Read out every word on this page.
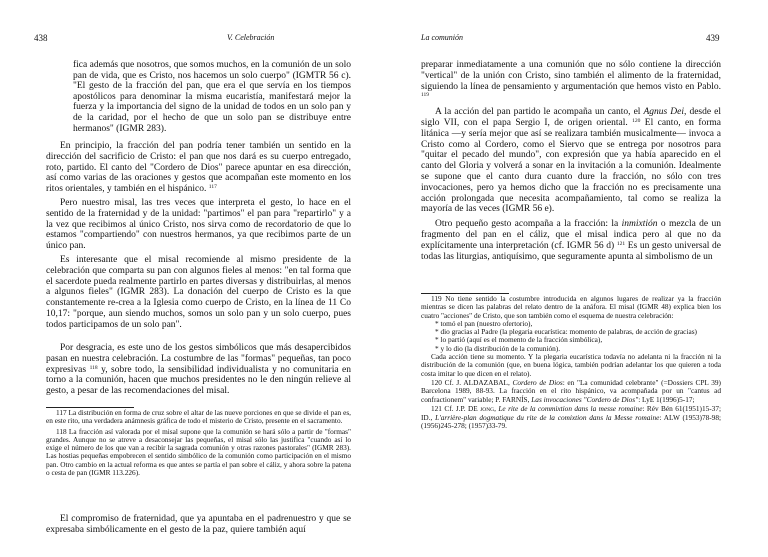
438	V. Celebración

fica además que nosotros, que somos muchos, en la comunión de un solo pan de vida, que es Cristo, nos hacemos un solo cuerpo" (IGMTR 56 c). "El gesto de la fracción del pan, que era el que servía en los tiempos apostólicos para denominar la misma eucaristía, manifestará mejor la fuerza y la importancia del signo de la unidad de todos en un solo pan y de la caridad, por el hecho de que un solo pan se distribuye entre hermanos" (IGMR 283).

En principio, la fracción del pan podría tener también un sentido en la dirección del sacrificio de Cristo: el pan que nos dará es su cuerpo entregado, roto, partido. El canto del "Cordero de Dios" parece apuntar en esa dirección, así como varias de las oraciones y gestos que acompañan este momento en los ritos orientales, y también en el hispánico. $^{117}$

Pero nuestro misal, las tres veces que interpreta el gesto, lo hace en el sentido de la fraternidad y de la unidad: "partimos" el pan para "repartirlo" y a la vez que recibimos al único Cristo, nos sirva como de recordatorio de que lo estamos "compartiendo" con nuestros hermanos, ya que recibimos parte de un único pan.

Es interesante que el misal recomiende al mismo presidente de la celebración que comparta su pan con algunos fieles al menos: "en tal forma que el sacerdote pueda realmente partirlo en partes diversas y distribuirlas, al menos a algunos fieles" (IGMR 283). La donación del cuerpo de Cristo es la que constantemente re-crea a la Iglesia como cuerpo de Cristo, en la línea de 11 Co 10,17: "porque, aun siendo muchos, somos un solo pan y un solo cuerpo, pues todos participamos de un solo pan".

Por desgracia, es este uno de los gestos simbólicos que más desapercibidos pasan en nuestra celebración. La costumbre de las "formas" pequeñas, tan poco expresivas $^{118}$ y, sobre todo, la sensibilidad individualista y no comunitaria en torno a la comunión, hacen que muchos presidentes no le den ningún relieve al gesto, a pesar de las recomendaciones del misal.

117 La distribución en forma de cruz sobre el altar de las nueve porciones en que se divide el pan es, en este rito, una verdadera anámnesis gráfica de todo el misterio de Cristo, presente en el sacramento.

118 La fracción así valorada por el misal supone que la comunión se hará sólo a partir de "formas" grandes. Aunque no se atreve a desaconsejar las pequeñas, el misal sólo las justifica "cuando así lo exige el número de los que van a recibir la sagrada comunión y otras razones pastorales" (IGMR 283). Las hostias pequeñas empobrecen el sentido simbólico de la comunión como participación en el mismo pan. Otro cambio en la actual reforma es que antes se partía el pan sobre el cáliz, y ahora sobre la patena o cesta de pan (IGMR 113.226).

El compromiso de fraternidad, que ya apuntaba en el padrenuestro y que se expresaba simbólicamente en el gesto de la paz, quiere también aquí

La comunión	439

preparar inmediatamente a una comunión que no sólo contiene la dirección "vertical" de la unión con Cristo, sino también el alimento de la fraternidad, siguiendo la línea de pensamiento y argumentación que hemos visto en Pablo. $^{119}$

A la acción del pan partido le acompaña un canto, el Agnus Dei, desde el siglo VII, con el papa Sergio I, de origen oriental. $^{120}$ El canto, en forma litánica —y sería mejor que así se realizara también musicalmente— invoca a Cristo como al Cordero, como el Siervo que se entrega por nosotros para "quitar el pecado del mundo", con expresión que ya había aparecido en el canto del Gloria y volverá a sonar en la invitación a la comunión. Idealmente se supone que el canto dura cuanto dure la fracción, no sólo con tres invocaciones, pero ya hemos dicho que la fracción no es precisamente una acción prolongada que necesita acompañamiento, tal como se realiza la mayoría de las veces (IGMR 56 e).

Otro pequeño gesto acompaña a la fracción: la inmixtión o mezcla de un fragmento del pan en el cáliz, que el misal indica pero al que no da explícitamente una interpretación (cf. IGMR 56 d) $^{121}$ Es un gesto universal de todas las liturgias, antiquísimo, que seguramente apunta al simbolismo de un

119 No tiene sentido la costumbre introducida en algunos lugares de realizar ya la fracción mientras se dicen las palabras del relato dentro de la anáfora. El misal (IGMR 48) explica bien los cuatro "acciones" de Cristo, que son también como el esquema de nuestra celebración:

* tomó el pan (nuestro ofertorio),

* dio gracias al Padre (la plegaria eucarística: momento de palabras, de acción de gracias)

* lo partió (aquí es el momento de la fracción simbólica),

* y lo dio (la distribución de la comunión).

Cada acción tiene su momento. Y la plegaria eucarística todavía no adelanta ni la fracción ni la distribución de la comunión (que, en buena lógica, también podrían adelantar los que quieren a toda costa imitar lo que dicen en el relato).

120 Cf. J. ALDAZABAL, Cordero de Dios: en "La comunidad celebrante" (=Dossiers CPL 39) Barcelona 1989, 88-93. La fracción en el rito hispánico, va acompañada por un "cantus ad confractionem" variable; P. FARNÍS, Las invocaciones "Cordero de Dios": LyE 1(1996)5-17;

121 Cf. J.P. DE JONG, Le rite de la commixtion dans la messe romaine: Rév Bén 61(1951)15-37; ID., L'arrière-plan dogmatique du rite de la comixtion dans la Messe romaine: ALW (1953)78-98; (1956)245-278; (1957)33-79.
